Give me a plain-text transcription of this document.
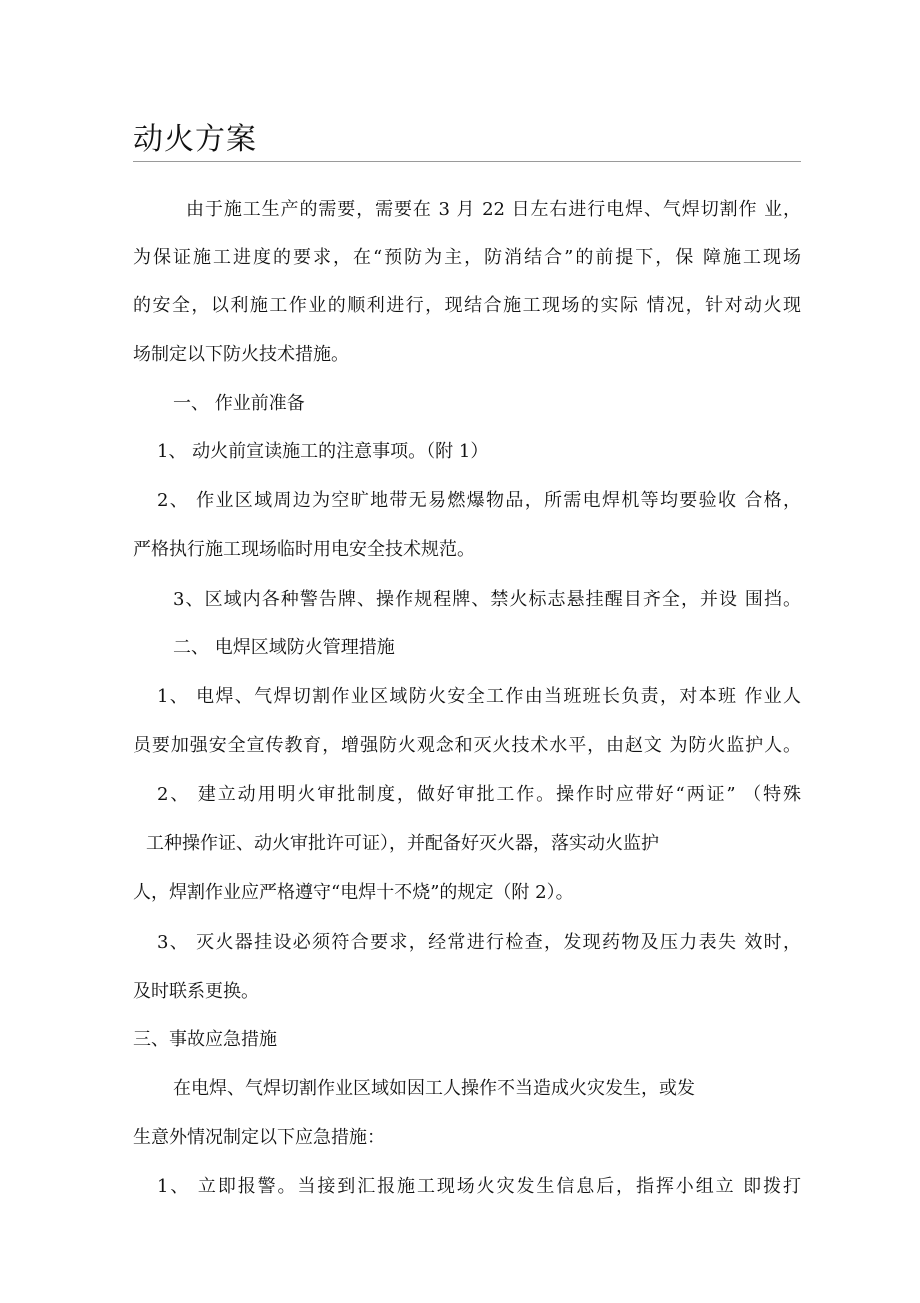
动火方案
由于施工生产的需要，需要在 3 月 22 日左右进行电焊、气焊切割作 业，
为保证施工进度的要求，在“预防为主，防消结合”的前提下，保 障施工现场
的安全，以利施工作业的顺利进行，现结合施工现场的实际 情况，针对动火现
场制定以下防火技术措施。
一、 作业前准备
1、 动火前宣读施工的注意事项。（附 1）
2、 作业区域周边为空旷地带无易燃爆物品，所需电焊机等均要验收 合格，
严格执行施工现场临时用电安全技术规范。
3、区域内各种警告牌、操作规程牌、禁火标志悬挂醒目齐全，并设 围挡。
二、 电焊区域防火管理措施
1、 电焊、气焊切割作业区域防火安全工作由当班班长负责，对本班 作业人
员要加强安全宣传教育，增强防火观念和灭火技术水平，由赵文 为防火监护人。
2、 建立动用明火审批制度，做好审批工作。操作时应带好“两证” （特殊
工种操作证、动火审批许可证），并配备好灭火器，落实动火监护
人，焊割作业应严格遵守“电焊十不烧”的规定（附 2）。
3、 灭火器挂设必须符合要求，经常进行检查，发现药物及压力表失 效时，
及时联系更换。
三、事故应急措施
在电焊、气焊切割作业区域如因工人操作不当造成火灾发生，或发
生意外情况制定以下应急措施：
1、 立即报警。当接到汇报施工现场火灾发生信息后，指挥小组立 即拨打
